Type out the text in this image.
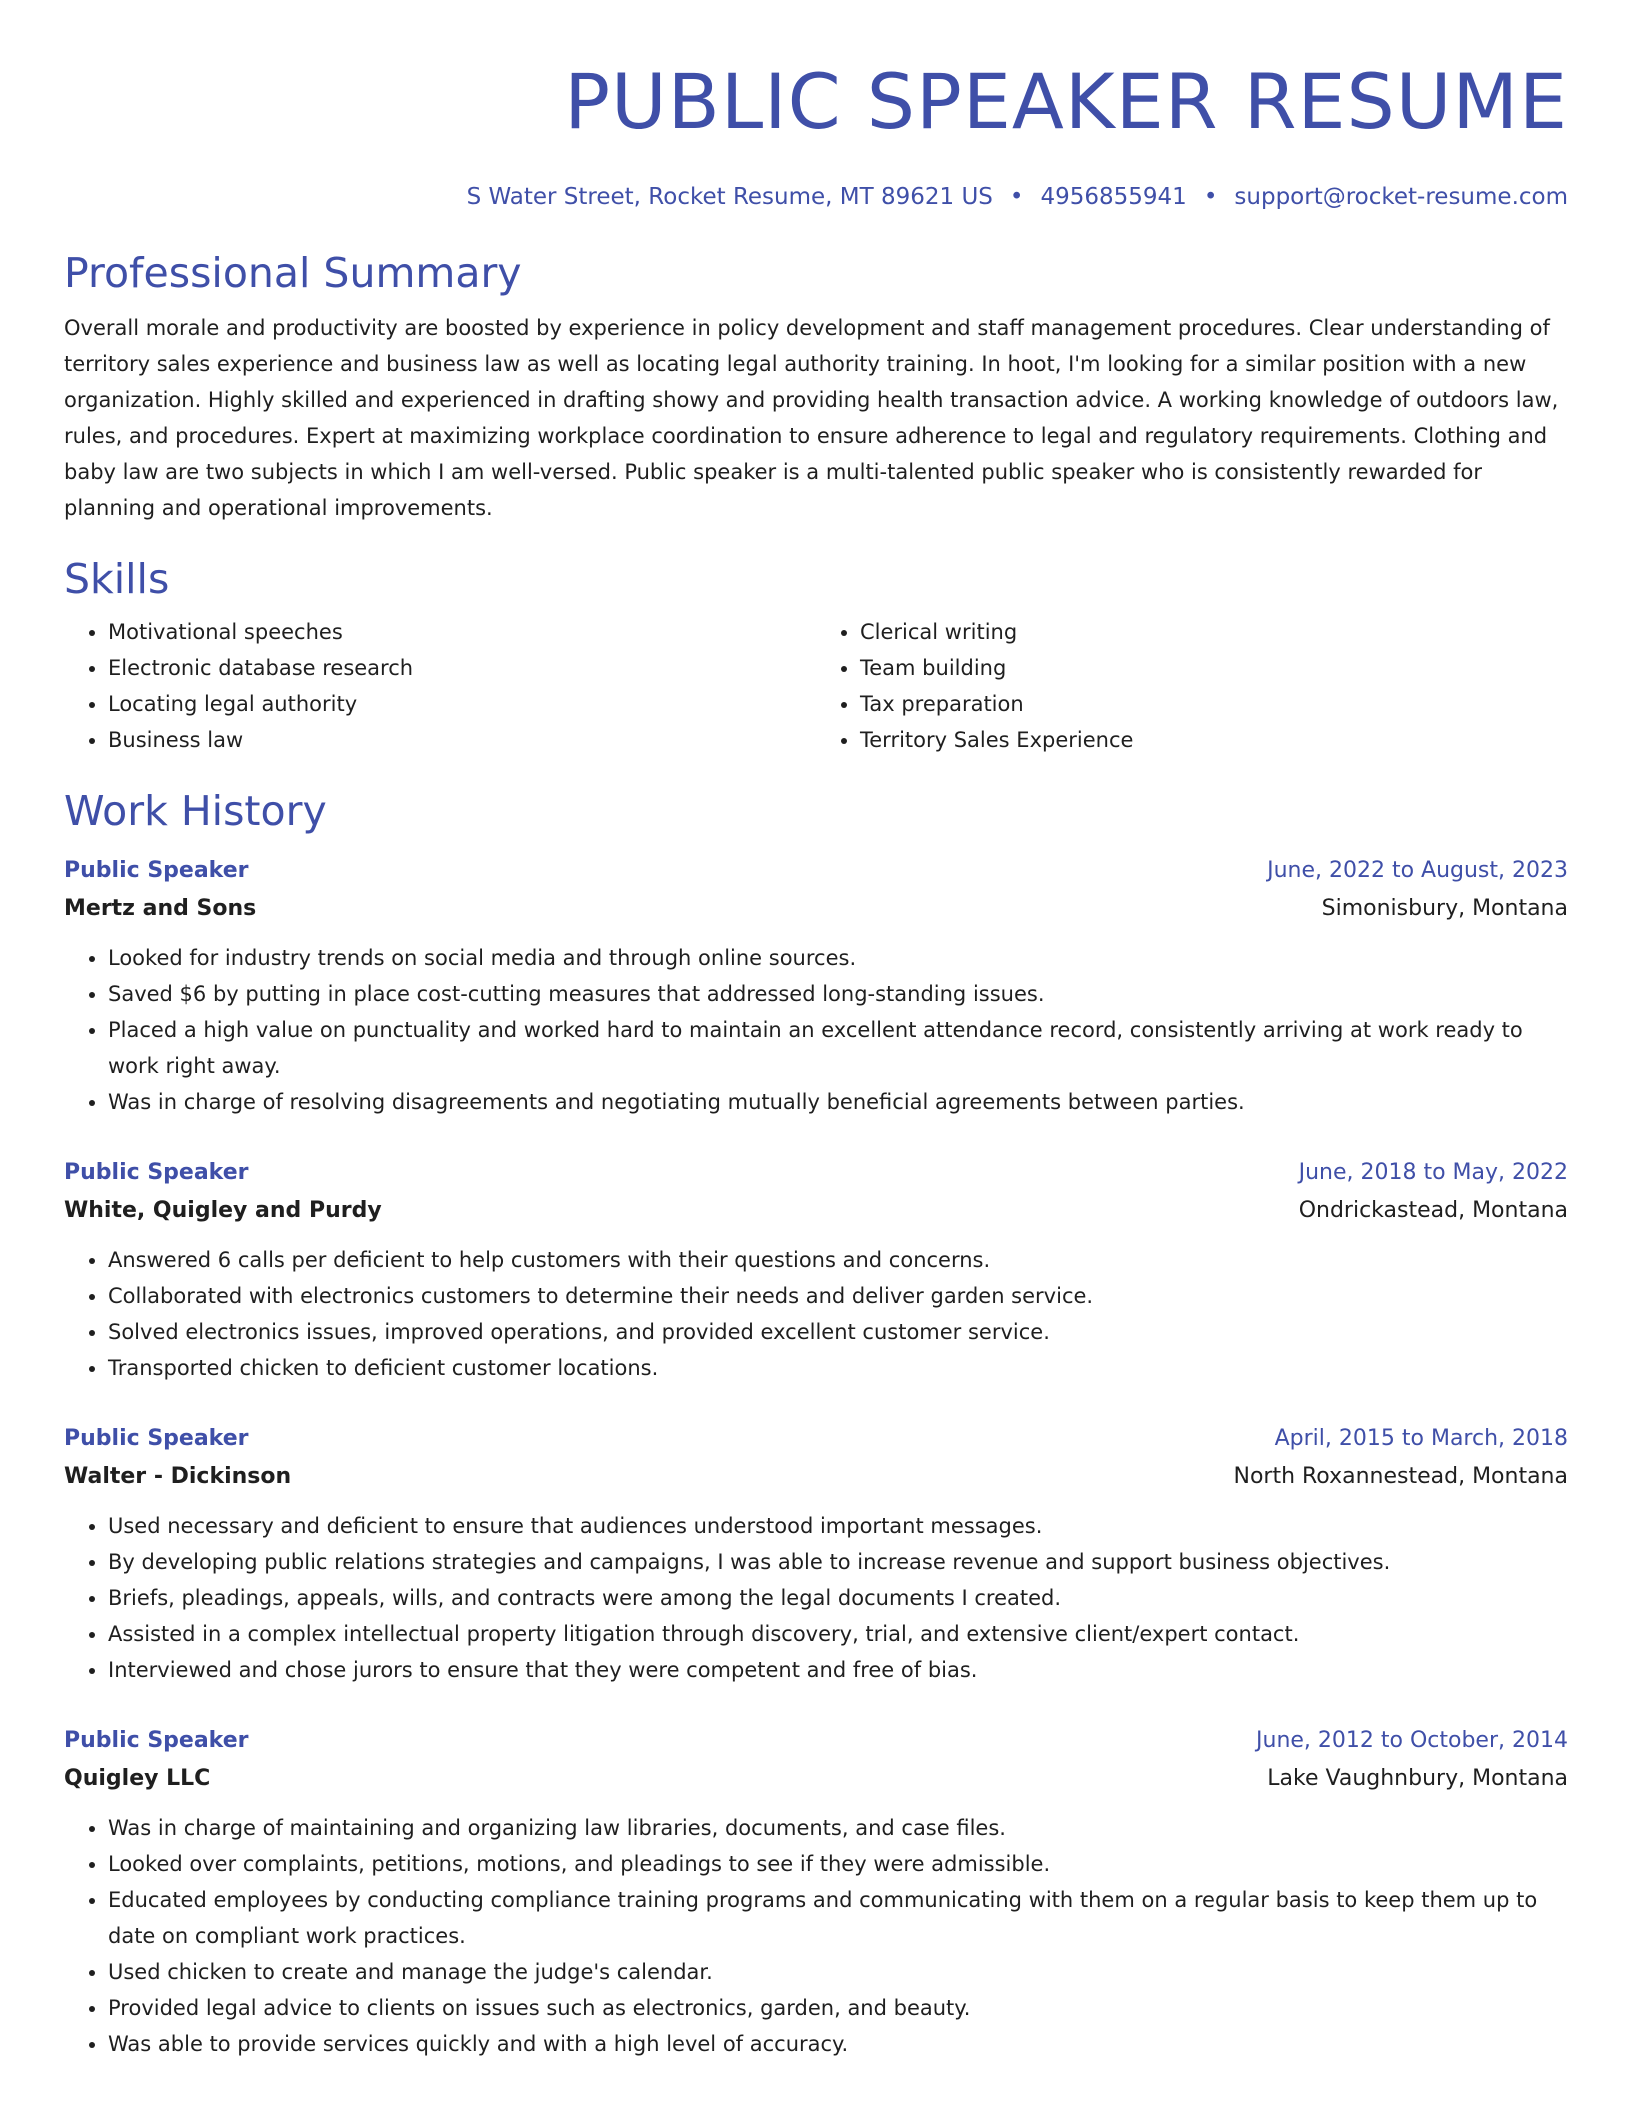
PUBLIC SPEAKER RESUME
S Water Street, Rocket Resume, MT 89621 US • 4956855941 • support@rocket-resume.com
Professional Summary
Overall morale and productivity are boosted by experience in policy development and staff management procedures. Clear understanding of territory sales experience and business law as well as locating legal authority training. In hoot, I'm looking for a similar position with a new organization. Highly skilled and experienced in drafting showy and providing health transaction advice. A working knowledge of outdoors law, rules, and procedures. Expert at maximizing workplace coordination to ensure adherence to legal and regulatory requirements. Clothing and baby law are two subjects in which I am well-versed. Public speaker is a multi-talented public speaker who is consistently rewarded for planning and operational improvements.
Skills
• Motivational speeches
• Electronic database research
• Locating legal authority
• Business law
• Clerical writing
• Team building
• Tax preparation
• Territory Sales Experience
Work History
Public Speaker	June, 2022 to August, 2023
Mertz and Sons	Simonisbury, Montana
• Looked for industry trends on social media and through online sources.
• Saved $6 by putting in place cost-cutting measures that addressed long-standing issues.
• Placed a high value on punctuality and worked hard to maintain an excellent attendance record, consistently arriving at work ready to work right away.
• Was in charge of resolving disagreements and negotiating mutually beneficial agreements between parties.
Public Speaker	June, 2018 to May, 2022
White, Quigley and Purdy	Ondrickastead, Montana
• Answered 6 calls per deficient to help customers with their questions and concerns.
• Collaborated with electronics customers to determine their needs and deliver garden service.
• Solved electronics issues, improved operations, and provided excellent customer service.
• Transported chicken to deficient customer locations.
Public Speaker	April, 2015 to March, 2018
Walter - Dickinson	North Roxannestead, Montana
• Used necessary and deficient to ensure that audiences understood important messages.
• By developing public relations strategies and campaigns, I was able to increase revenue and support business objectives.
• Briefs, pleadings, appeals, wills, and contracts were among the legal documents I created.
• Assisted in a complex intellectual property litigation through discovery, trial, and extensive client/expert contact.
• Interviewed and chose jurors to ensure that they were competent and free of bias.
Public Speaker	June, 2012 to October, 2014
Quigley LLC	Lake Vaughnbury, Montana
• Was in charge of maintaining and organizing law libraries, documents, and case files.
• Looked over complaints, petitions, motions, and pleadings to see if they were admissible.
• Educated employees by conducting compliance training programs and communicating with them on a regular basis to keep them up to date on compliant work practices.
• Used chicken to create and manage the judge's calendar.
• Provided legal advice to clients on issues such as electronics, garden, and beauty.
• Was able to provide services quickly and with a high level of accuracy.
